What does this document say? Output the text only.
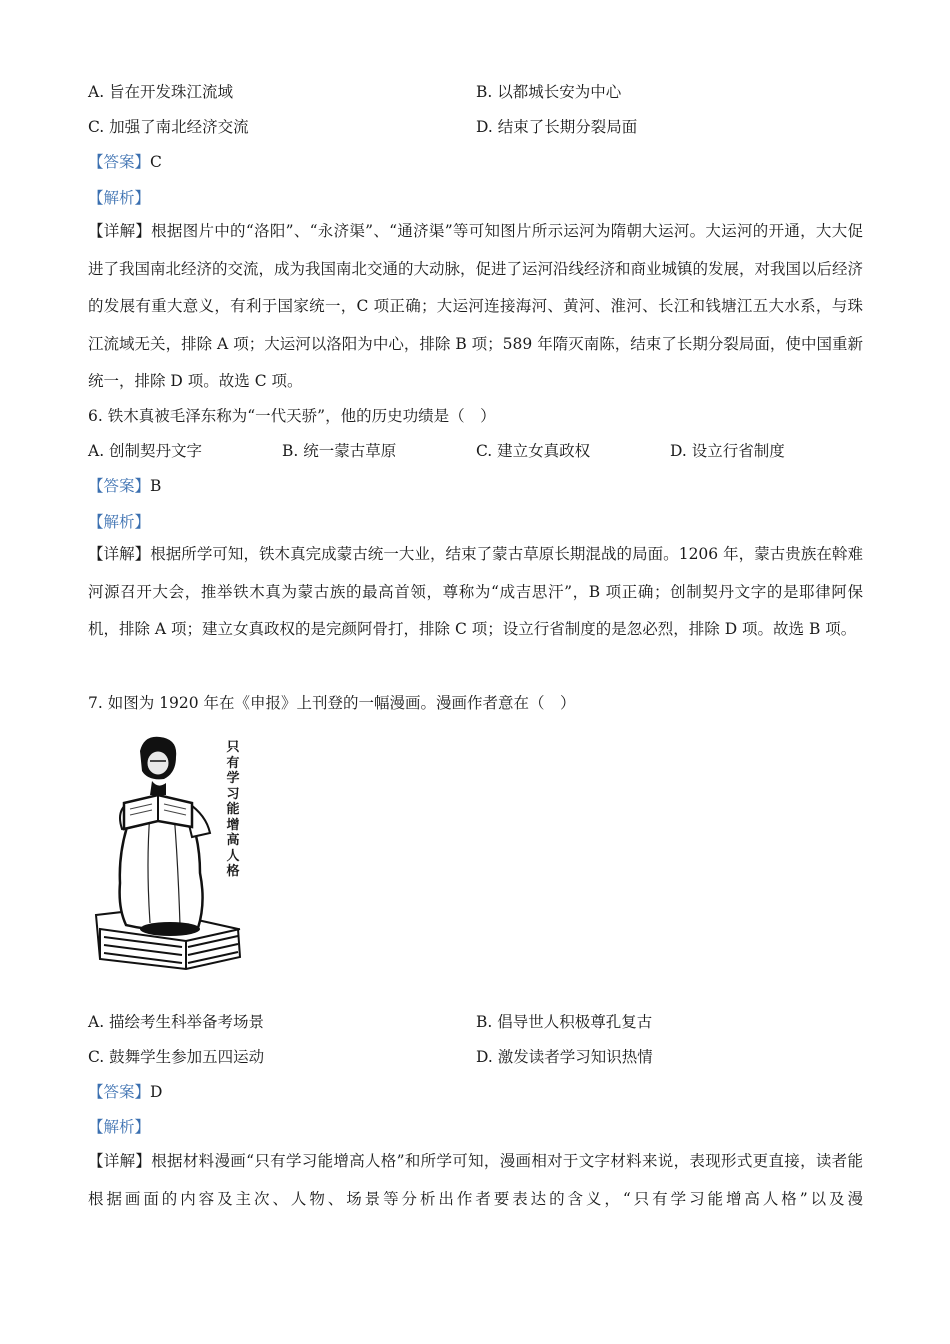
A. 旨在开发珠江流域	B. 以都城长安为中心
C. 加强了南北经济交流	D. 结束了长期分裂局面
【答案】C
【解析】
【详解】根据图片中的“洛阳”、“永济渠”、“通济渠”等可知图片所示运河为隋朝大运河。大运河的开通，大大促进了我国南北经济的交流，成为我国南北交通的大动脉，促进了运河沿线经济和商业城镇的发展，对我国以后经济的发展有重大意义，有利于国家统一，C 项正确；大运河连接海河、黄河、淮河、长江和钱塘江五大水系，与珠江流域无关，排除 A 项；大运河以洛阳为中心，排除 B 项；589 年隋灭南陈，结束了长期分裂局面，使中国重新统一，排除 D 项。故选 C 项。
6. 铁木真被毛泽东称为“一代天骄”，他的历史功绩是（　）
A. 创制契丹文字	B. 统一蒙古草原	C. 建立女真政权	D. 设立行省制度
【答案】B
【解析】
【详解】根据所学可知，铁木真完成蒙古统一大业，结束了蒙古草原长期混战的局面。1206 年，蒙古贵族在斡难河源召开大会，推举铁木真为蒙古族的最高首领，尊称为“成吉思汗”，B 项正确；创制契丹文字的是耶律阿保机，排除 A 项；建立女真政权的是完颜阿骨打，排除 C 项；设立行省制度的是忽必烈，排除 D 项。故选 B 项。
7. 如图为 1920 年在《申报》上刊登的一幅漫画。漫画作者意在（　）
只
有
学
习
能
增
高
人
格
A. 描绘考生科举备考场景	B. 倡导世人积极尊孔复古
C. 鼓舞学生参加五四运动	D. 激发读者学习知识热情
【答案】D
【解析】
【详解】根据材料漫画“只有学习能增高人格”和所学可知，漫画相对于文字材料来说，表现形式更直接，读者能根据画面的内容及主次、人物、场景等分析出作者要表达的含义，“只有学习能增高人格”以及漫
